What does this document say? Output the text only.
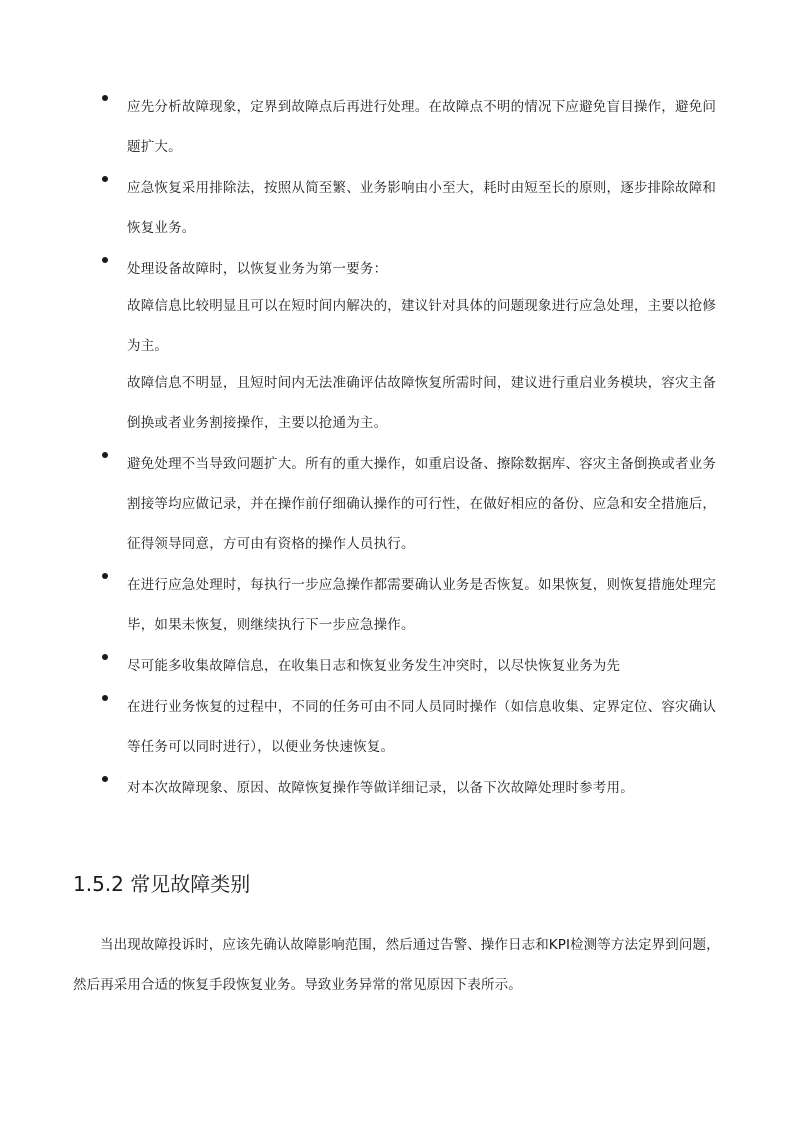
应先分析故障现象，定界到故障点后再进行处理。在故障点不明的情况下应避免盲目操作，避免问题扩大。
应急恢复采用排除法，按照从简至繁、业务影响由小至大，耗时由短至长的原则，逐步排除故障和恢复业务。
处理设备故障时，以恢复业务为第一要务：
故障信息比较明显且可以在短时间内解决的，建议针对具体的问题现象进行应急处理，主要以抢修为主。
故障信息不明显，且短时间内无法准确评估故障恢复所需时间，建议进行重启业务模块，容灾主备倒换或者业务割接操作，主要以抢通为主。
避免处理不当导致问题扩大。所有的重大操作，如重启设备、擦除数据库、容灾主备倒换或者业务割接等均应做记录，并在操作前仔细确认操作的可行性，在做好相应的备份、应急和安全措施后，征得领导同意，方可由有资格的操作人员执行。
在进行应急处理时，每执行一步应急操作都需要确认业务是否恢复。如果恢复，则恢复措施处理完毕，如果未恢复，则继续执行下一步应急操作。
尽可能多收集故障信息，在收集日志和恢复业务发生冲突时，以尽快恢复业务为先
在进行业务恢复的过程中，不同的任务可由不同人员同时操作（如信息收集、定界定位、容灾确认等任务可以同时进行），以便业务快速恢复。
对本次故障现象、原因、故障恢复操作等做详细记录，以备下次故障处理时参考用。
1.5.2 常见故障类别

当出现故障投诉时，应该先确认故障影响范围，然后通过告警、操作日志和KPI检测等方法定界到问题，然后再采用合适的恢复手段恢复业务。导致业务异常的常见原因下表所示。
